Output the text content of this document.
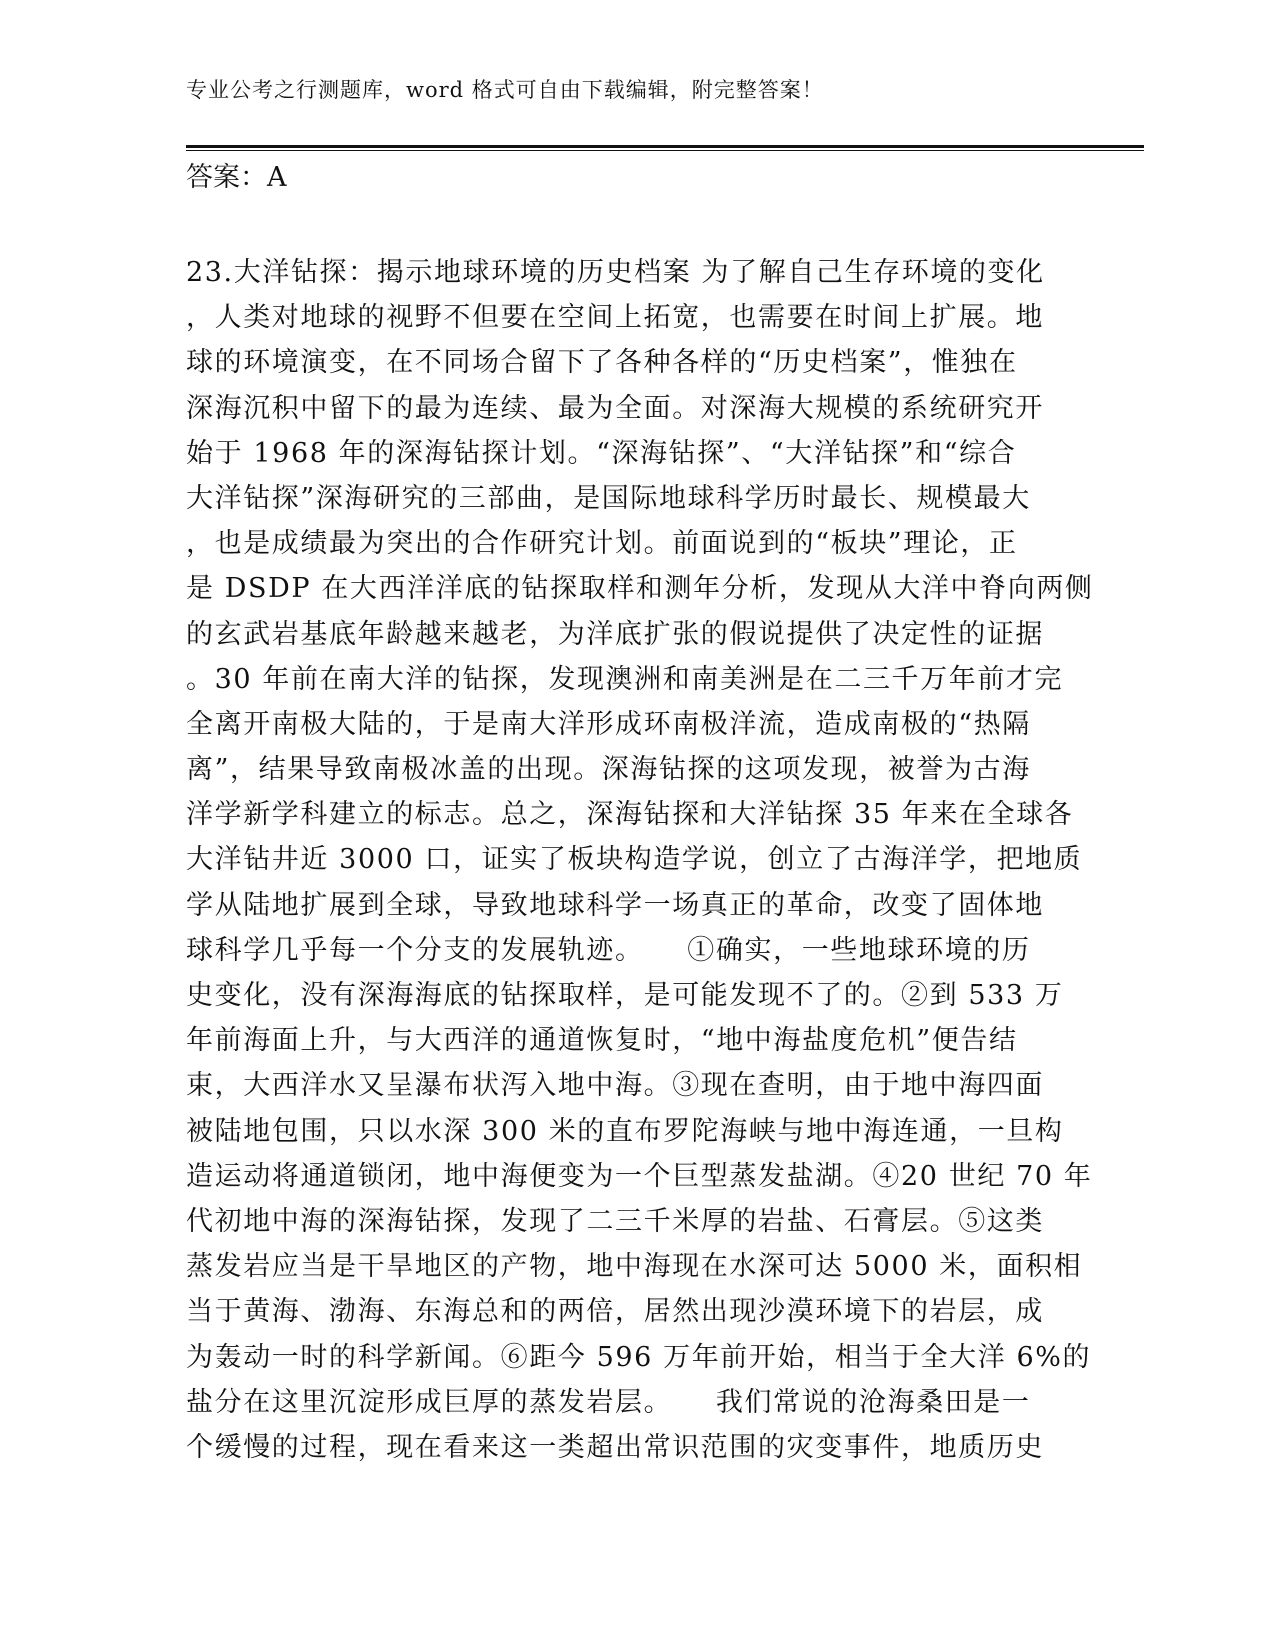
专业公考之行测题库，word 格式可自由下载编辑，附完整答案！
答案：A
23.大洋钻探：揭示地球环境的历史档案 为了解自己生存环境的变化
，人类对地球的视野不但要在空间上拓宽，也需要在时间上扩展。地
球的环境演变，在不同场合留下了各种各样的“历史档案”，惟独在
深海沉积中留下的最为连续、最为全面。对深海大规模的系统研究开
始于 1968 年的深海钻探计划。“深海钻探”、“大洋钻探”和“综合
大洋钻探”深海研究的三部曲，是国际地球科学历时最长、规模最大
，也是成绩最为突出的合作研究计划。前面说到的“板块”理论，正
是 DSDP 在大西洋洋底的钻探取样和测年分析，发现从大洋中脊向两侧
的玄武岩基底年龄越来越老，为洋底扩张的假说提供了决定性的证据
。30 年前在南大洋的钻探，发现澳洲和南美洲是在二三千万年前才完
全离开南极大陆的，于是南大洋形成环南极洋流，造成南极的“热隔
离”，结果导致南极冰盖的出现。深海钻探的这项发现，被誉为古海
洋学新学科建立的标志。总之，深海钻探和大洋钻探 35 年来在全球各
大洋钻井近 3000 口，证实了板块构造学说，创立了古海洋学，把地质
学从陆地扩展到全球，导致地球科学一场真正的革命，改变了固体地
球科学几乎每一个分支的发展轨迹。　　①确实，一些地球环境的历
史变化，没有深海海底的钻探取样，是可能发现不了的。②到 533 万
年前海面上升，与大西洋的通道恢复时，“地中海盐度危机”便告结
束，大西洋水又呈瀑布状泻入地中海。③现在查明，由于地中海四面
被陆地包围，只以水深 300 米的直布罗陀海峡与地中海连通，一旦构
造运动将通道锁闭，地中海便变为一个巨型蒸发盐湖。④20 世纪 70 年
代初地中海的深海钻探，发现了二三千米厚的岩盐、石膏层。⑤这类
蒸发岩应当是干旱地区的产物，地中海现在水深可达 5000 米，面积相
当于黄海、渤海、东海总和的两倍，居然出现沙漠环境下的岩层，成
为轰动一时的科学新闻。⑥距今 596 万年前开始，相当于全大洋 6%的
盐分在这里沉淀形成巨厚的蒸发岩层。　　我们常说的沧海桑田是一
个缓慢的过程，现在看来这一类超出常识范围的灾变事件，地质历史
